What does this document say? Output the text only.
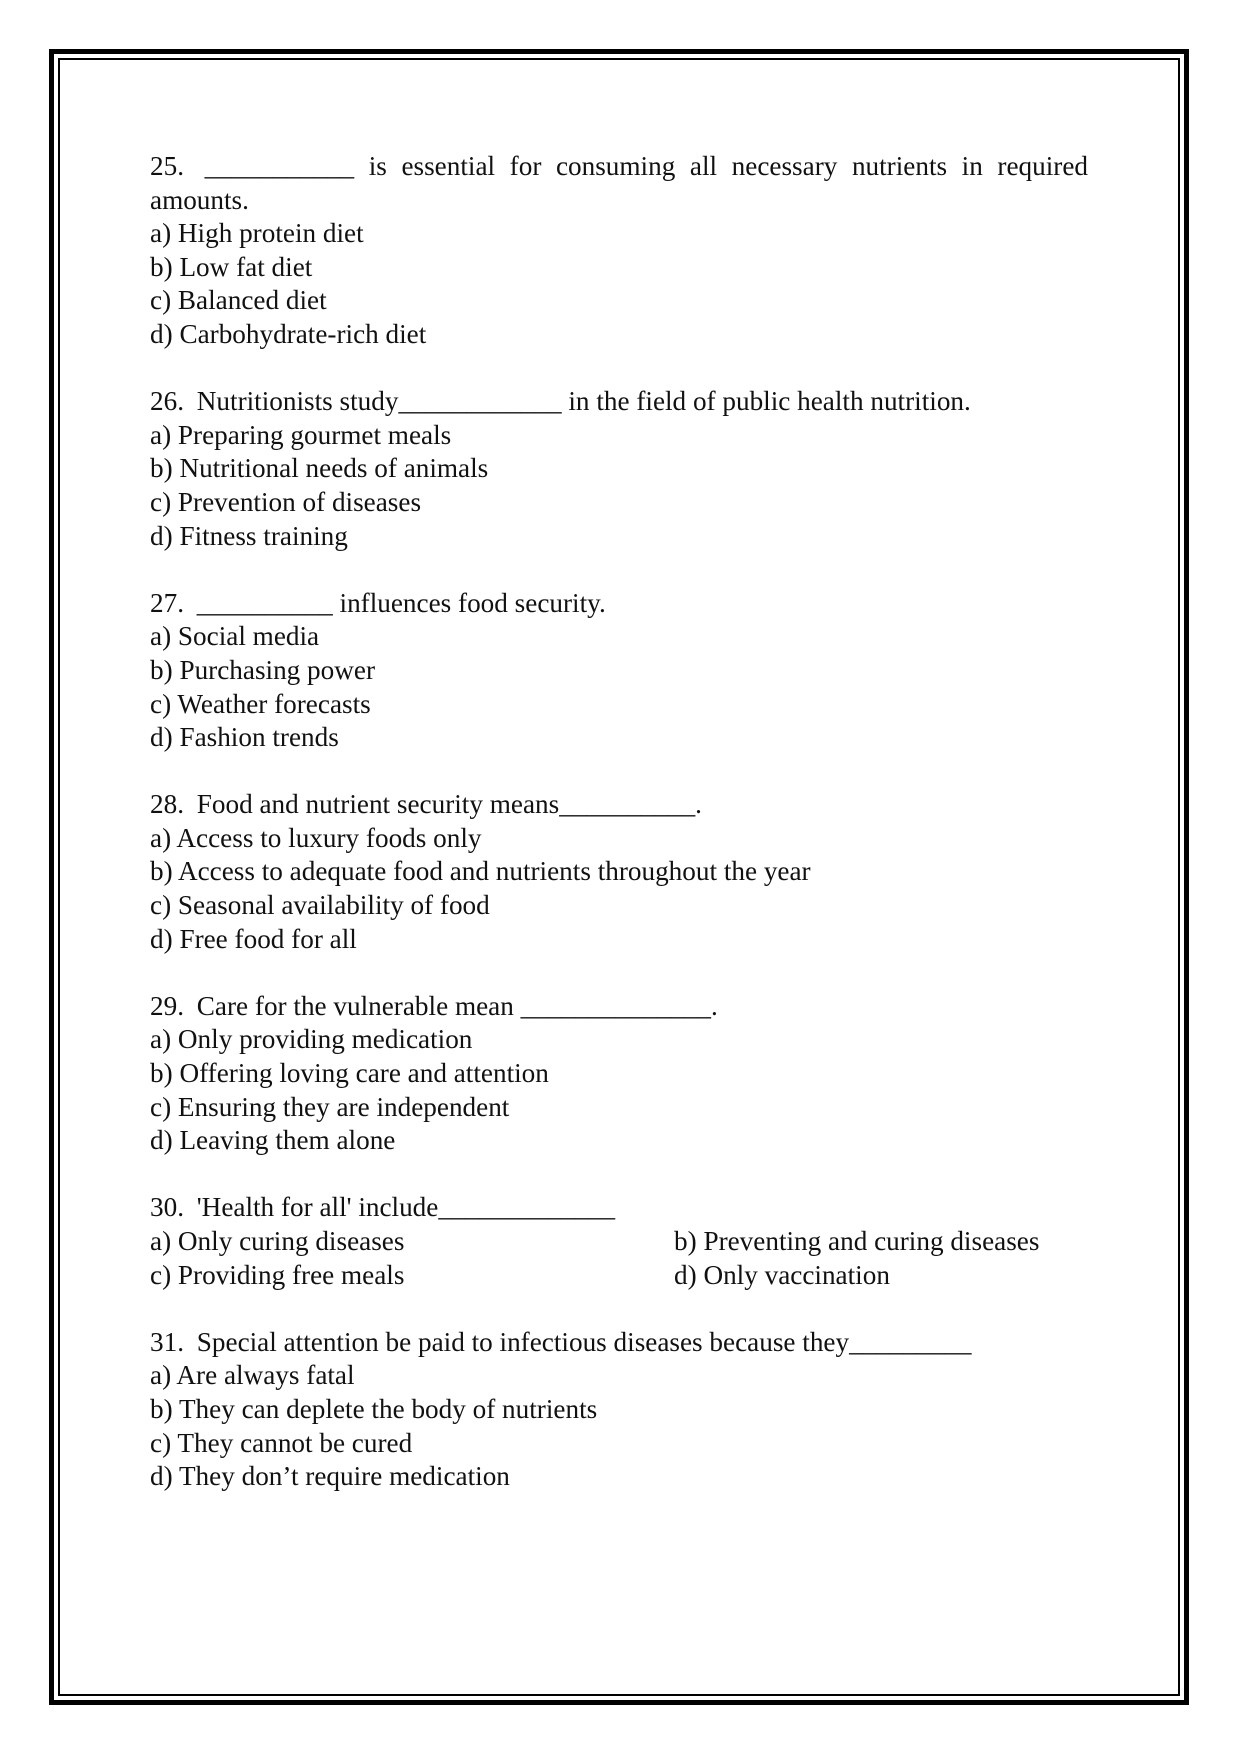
25. ___________ is essential for consuming all necessary nutrients in required amounts.
a) High protein diet
b) Low fat diet
c) Balanced diet
d) Carbohydrate-rich diet
26. Nutritionists study____________ in the field of public health nutrition.
a) Preparing gourmet meals
b) Nutritional needs of animals
c) Prevention of diseases
d) Fitness training
27. __________ influences food security.
a) Social media
b) Purchasing power
c) Weather forecasts
d) Fashion trends
28. Food and nutrient security means__________.
a) Access to luxury foods only
b) Access to adequate food and nutrients throughout the year
c) Seasonal availability of food
d) Free food for all
29. Care for the vulnerable mean ______________.
a) Only providing medication
b) Offering loving care and attention
c) Ensuring they are independent
d) Leaving them alone
30. 'Health for all' include_____________
a) Only curing diseases	b) Preventing and curing diseases
c) Providing free meals	d) Only vaccination
31. Special attention be paid to infectious diseases because they_________
a) Are always fatal
b) They can deplete the body of nutrients
c) They cannot be cured
d) They don’t require medication
